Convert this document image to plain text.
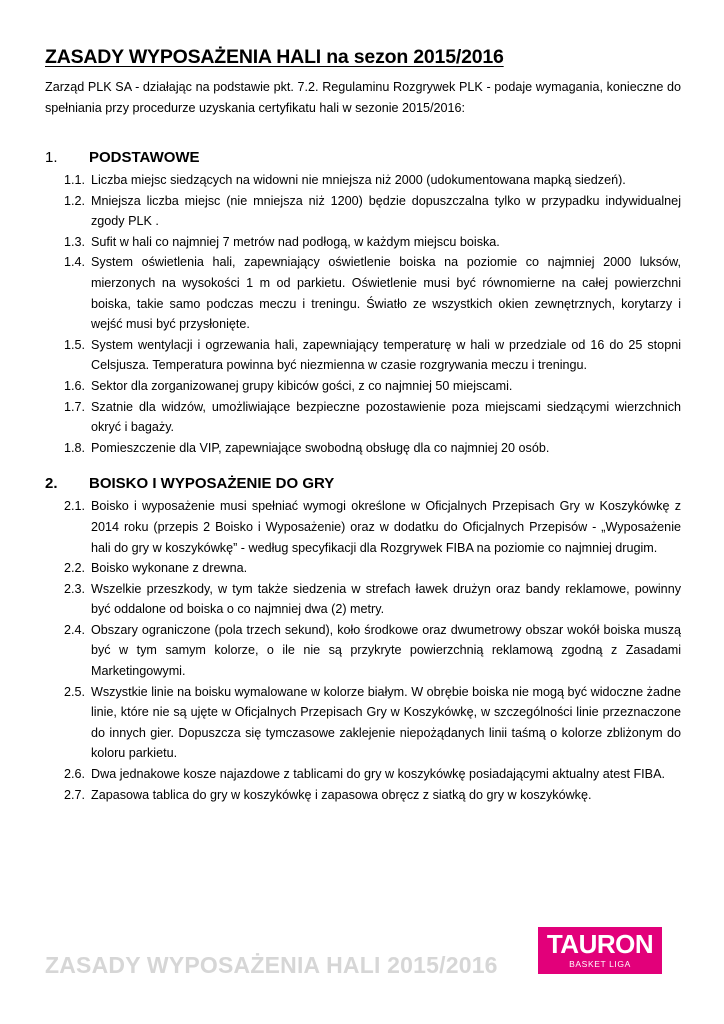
ZASADY WYPOSAŻENIA HALI na sezon 2015/2016

Zarząd PLK SA - działając na podstawie pkt. 7.2. Regulaminu Rozgrywek PLK - podaje wymagania, konieczne do spełniania przy procedurze uzyskania certyfikatu hali w sezonie 2015/2016:

1.	PODSTAWOWE
1.1. Liczba miejsc siedzących na widowni nie mniejsza niż 2000 (udokumentowana mapką siedzeń).
1.2. Mniejsza liczba miejsc (nie mniejsza niż 1200) będzie dopuszczalna tylko w przypadku indywidualnej zgody PLK .
1.3. Sufit w hali co najmniej 7 metrów nad podłogą, w każdym miejscu boiska.
1.4. System oświetlenia hali, zapewniający oświetlenie boiska na poziomie co najmniej 2000 luksów, mierzonych na wysokości 1 m od parkietu. Oświetlenie musi być równomierne na całej powierzchni boiska, takie samo podczas meczu i treningu. Światło ze wszystkich okien zewnętrznych, korytarzy i wejść musi być przysłonięte.
1.5. System wentylacji i ogrzewania hali, zapewniający temperaturę w hali w przedziale od 16 do 25 stopni Celsjusza. Temperatura powinna być niezmienna w czasie rozgrywania meczu i treningu.
1.6. Sektor dla zorganizowanej grupy kibiców gości, z co najmniej 50 miejscami.
1.7. Szatnie dla widzów, umożliwiające bezpieczne pozostawienie poza miejscami siedzącymi wierzchnich okryć i bagaży.
1.8. Pomieszczenie dla VIP, zapewniające swobodną obsługę dla co najmniej 20 osób.
2.	BOISKO I WYPOSAŻENIE DO GRY
2.1. Boisko i wyposażenie musi spełniać wymogi określone w Oficjalnych Przepisach Gry w Koszykówkę z 2014 roku (przepis 2 Boisko i Wyposażenie) oraz w dodatku do Oficjalnych Przepisów - „Wyposażenie hali do gry w koszykówkę” - według specyfikacji dla Rozgrywek FIBA na poziomie co najmniej drugim.
2.2. Boisko wykonane z drewna.
2.3. Wszelkie przeszkody, w tym także siedzenia w strefach ławek drużyn oraz bandy reklamowe, powinny być oddalone od boiska o co najmniej dwa (2) metry.
2.4. Obszary ograniczone (pola trzech sekund), koło środkowe oraz dwumetrowy obszar wokół boiska muszą być w tym samym kolorze, o ile nie są przykryte powierzchnią reklamową zgodną z Zasadami Marketingowymi.
2.5. Wszystkie linie na boisku wymalowane w kolorze białym. W obrębie boiska nie mogą być widoczne żadne linie, które nie są ujęte w Oficjalnych Przepisach Gry w Koszykówkę, w szczególności linie przeznaczone do innych gier. Dopuszcza się tymczasowe zaklejenie niepożądanych linii taśmą o kolorze zbliżonym do koloru parkietu.
2.6. Dwa jednakowe kosze najazdowe z tablicami do gry w koszykówkę posiadającymi aktualny atest FIBA.
2.7. Zapasowa tablica do gry w koszykówkę i zapasowa obręcz z siatką do gry w koszykówkę.
ZASADY WYPOSAŻENIA HALI 2015/2016
TAURON
BASKET LIGA
